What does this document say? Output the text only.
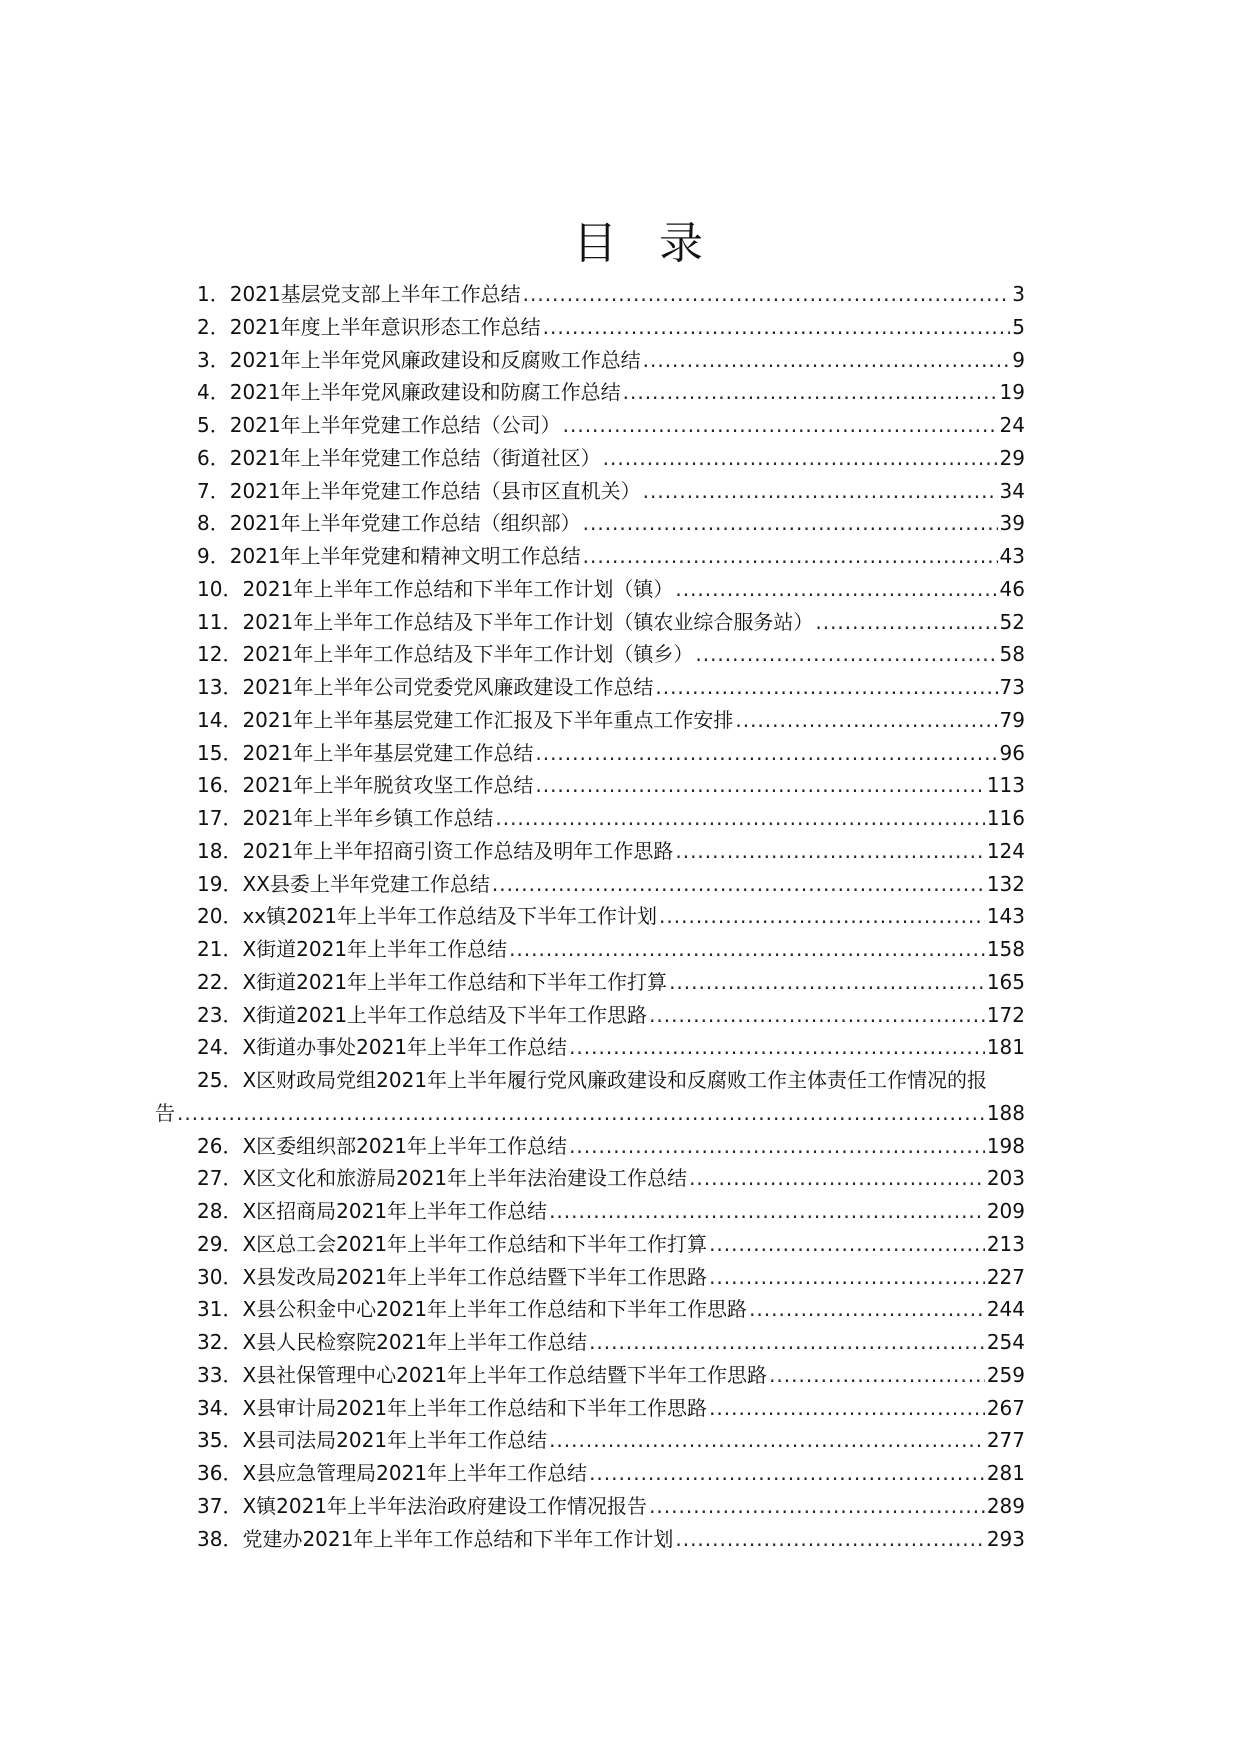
目 录
1．2021基层党支部上半年工作总结 .....	3
2．2021年度上半年意识形态工作总结 .....	5
3．2021年上半年党风廉政建设和反腐败工作总结 .....	9
4．2021年上半年党风廉政建设和防腐工作总结 .....	19
5．2021年上半年党建工作总结（公司） .....	24
6．2021年上半年党建工作总结（街道社区） .....	29
7．2021年上半年党建工作总结（县市区直机关） .....	34
8．2021年上半年党建工作总结（组织部） .....	39
9．2021年上半年党建和精神文明工作总结 .....	43
10．2021年上半年工作总结和下半年工作计划（镇） .....	46
11．2021年上半年工作总结及下半年工作计划（镇农业综合服务站） .....	52
12．2021年上半年工作总结及下半年工作计划（镇乡） .....	58
13．2021年上半年公司党委党风廉政建设工作总结 .....	73
14．2021年上半年基层党建工作汇报及下半年重点工作安排 .....	79
15．2021年上半年基层党建工作总结 .....	96
16．2021年上半年脱贫攻坚工作总结 .....	113
17．2021年上半年乡镇工作总结 .....	116
18．2021年上半年招商引资工作总结及明年工作思路 .....	124
19．XX县委上半年党建工作总结 .....	132
20．xx镇2021年上半年工作总结及下半年工作计划 .....	143
21．X街道2021年上半年工作总结 .....	158
22．X街道2021年上半年工作总结和下半年工作打算 .....	165
23．X街道2021上半年工作总结及下半年工作思路 .....	172
24．X街道办事处2021年上半年工作总结 .....	181
25．X区财政局党组2021年上半年履行党风廉政建设和反腐败工作主体责任工作情况的报
告 .....	188
26．X区委组织部2021年上半年工作总结 .....	198
27．X区文化和旅游局2021年上半年法治建设工作总结 .....	203
28．X区招商局2021年上半年工作总结 .....	209
29．X区总工会2021年上半年工作总结和下半年工作打算 .....	213
30．X县发改局2021年上半年工作总结暨下半年工作思路 .....	227
31．X县公积金中心2021年上半年工作总结和下半年工作思路 .....	244
32．X县人民检察院2021年上半年工作总结 .....	254
33．X县社保管理中心2021年上半年工作总结暨下半年工作思路 .....	259
34．X县审计局2021年上半年工作总结和下半年工作思路 .....	267
35．X县司法局2021年上半年工作总结 .....	277
36．X县应急管理局2021年上半年工作总结 .....	281
37．X镇2021年上半年法治政府建设工作情况报告 .....	289
38．党建办2021年上半年工作总结和下半年工作计划 .....	293
